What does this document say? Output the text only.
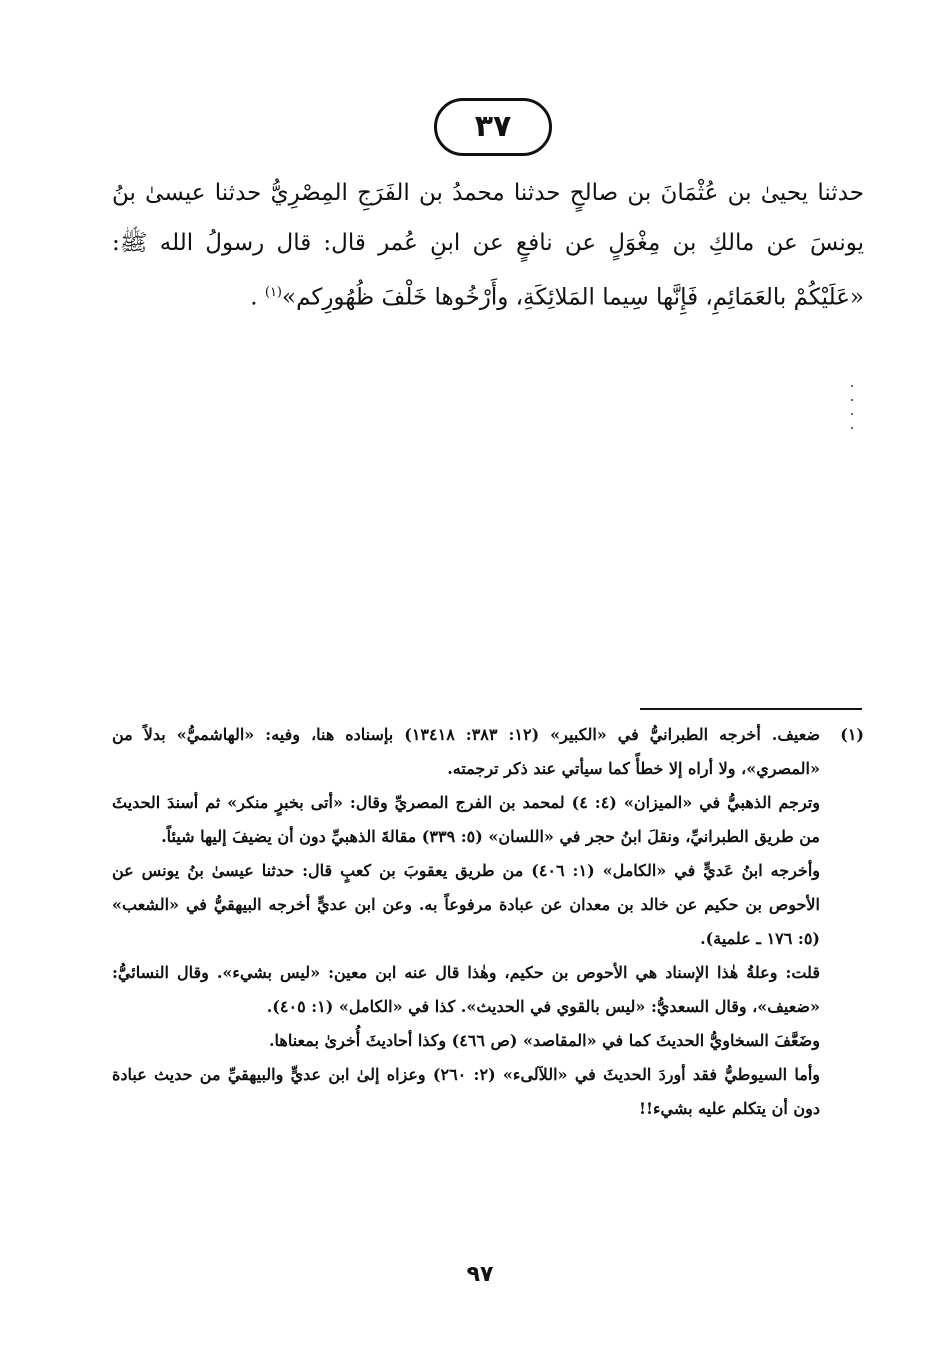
٣٧
حدثنا يحيىٰ بن عُثْمَانَ بن صالحٍ حدثنا محمدُ بن الفَرَجِ المِصْرِيُّ حدثنا عيسىٰ بنُ يونسَ عن مالكِ بن مِغْوَلٍ عن نافعٍ عن ابنِ عُمر قال: قال رسولُ الله ﷺ: «عَلَيْكُمْ بالعَمَائِمِ، فَإِنَّها سِيما المَلائِكَةِ، وأَرْخُوها خَلْفَ ظُهُورِكم»$^{(١)}$ .
(١)

ضعيف. أخرجه الطبرانيُّ في «الكبير» (١٢: ٣٨٣: ١٣٤١٨) بإسناده هنا، وفيه: «الهاشميُّ» بدلاً من «المصري»، ولا أراه إلا خطأً كما سيأتي عند ذكر ترجمته.

وترجم الذهبيُّ في «الميزان» (٤: ٤) لمحمد بن الفرج المصريِّ وقال: «أتى بخبرٍ منكر» ثم أسندَ الحديثَ من طريق الطبرانيِّ، ونقلَ ابنُ حجر في «اللسان» (٥: ٣٣٩) مقالةَ الذهبيِّ دون أن يضيفَ إليها شيئاً.

وأخرجه ابنُ عَديٍّ في «الكامل» (١: ٤٠٦) من طريق يعقوبَ بن كعبٍ قال: حدثنا عيسىٰ بنُ يونس عن الأحوص بن حكيم عن خالد بن معدان عن عبادة مرفوعاً به. وعن ابن عديٍّ أخرجه البيهقيُّ في «الشعب» (٥: ١٧٦ ـ علمية).

قلت: وعلةُ هٰذا الإسناد هي الأحوص بن حكيم، وهٰذا قال عنه ابن معين: «ليس بشيء». وقال النسائيُّ: «ضعيف»، وقال السعديُّ: «ليس بالقوي في الحديث». كذا في «الكامل» (١: ٤٠٥).

وضَعَّفَ السخاويُّ الحديثَ كما في «المقاصد» (ص ٤٦٦) وكذا أحاديثَ أُخرىٰ بمعناها.

وأما السيوطيُّ فقد أوردَ الحديثَ في «اللآلىء» (٢: ٢٦٠) وعزاه إلىٰ ابن عديٍّ والبيهقيِّ من حديث عبادة دون أن يتكلم عليه بشيء!!

٩٧
